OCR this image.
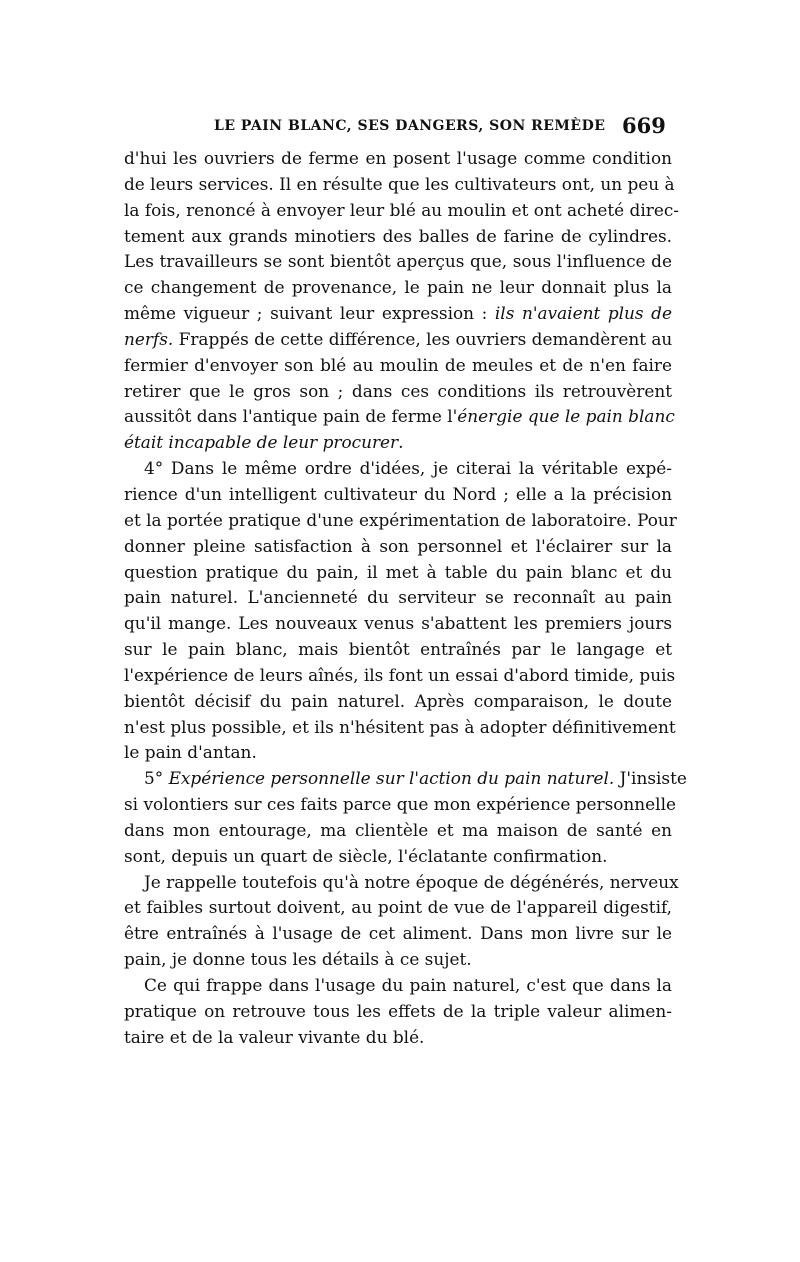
LE PAIN BLANC, SES DANGERS, SON REMÈDE 669
d'hui les ouvriers de ferme en posent l'usage comme condition
de leurs services. Il en résulte que les cultivateurs ont, un peu à
la fois, renoncé à envoyer leur blé au moulin et ont acheté direc-
tement aux grands minotiers des balles de farine de cylindres.
Les travailleurs se sont bientôt aperçus que, sous l'influence de
ce changement de provenance, le pain ne leur donnait plus la
même vigueur ; suivant leur expression : ils n'avaient plus de
nerfs. Frappés de cette différence, les ouvriers demandèrent au
fermier d'envoyer son blé au moulin de meules et de n'en faire
retirer que le gros son ; dans ces conditions ils retrouvèrent
aussitôt dans l'antique pain de ferme l'énergie que le pain blanc
était incapable de leur procurer.
4° Dans le même ordre d'idées, je citerai la véritable expé-
rience d'un intelligent cultivateur du Nord ; elle a la précision
et la portée pratique d'une expérimentation de laboratoire. Pour
donner pleine satisfaction à son personnel et l'éclairer sur la
question pratique du pain, il met à table du pain blanc et du
pain naturel. L'ancienneté du serviteur se reconnaît au pain
qu'il mange. Les nouveaux venus s'abattent les premiers jours
sur le pain blanc, mais bientôt entraînés par le langage et
l'expérience de leurs aînés, ils font un essai d'abord timide, puis
bientôt décisif du pain naturel. Après comparaison, le doute
n'est plus possible, et ils n'hésitent pas à adopter définitivement
le pain d'antan.
5° Expérience personnelle sur l'action du pain naturel. J'insiste
si volontiers sur ces faits parce que mon expérience personnelle
dans mon entourage, ma clientèle et ma maison de santé en
sont, depuis un quart de siècle, l'éclatante confirmation.
Je rappelle toutefois qu'à notre époque de dégénérés, nerveux
et faibles surtout doivent, au point de vue de l'appareil digestif,
être entraînés à l'usage de cet aliment. Dans mon livre sur le
pain, je donne tous les détails à ce sujet.
Ce qui frappe dans l'usage du pain naturel, c'est que dans la
pratique on retrouve tous les effets de la triple valeur alimen-
taire et de la valeur vivante du blé.
